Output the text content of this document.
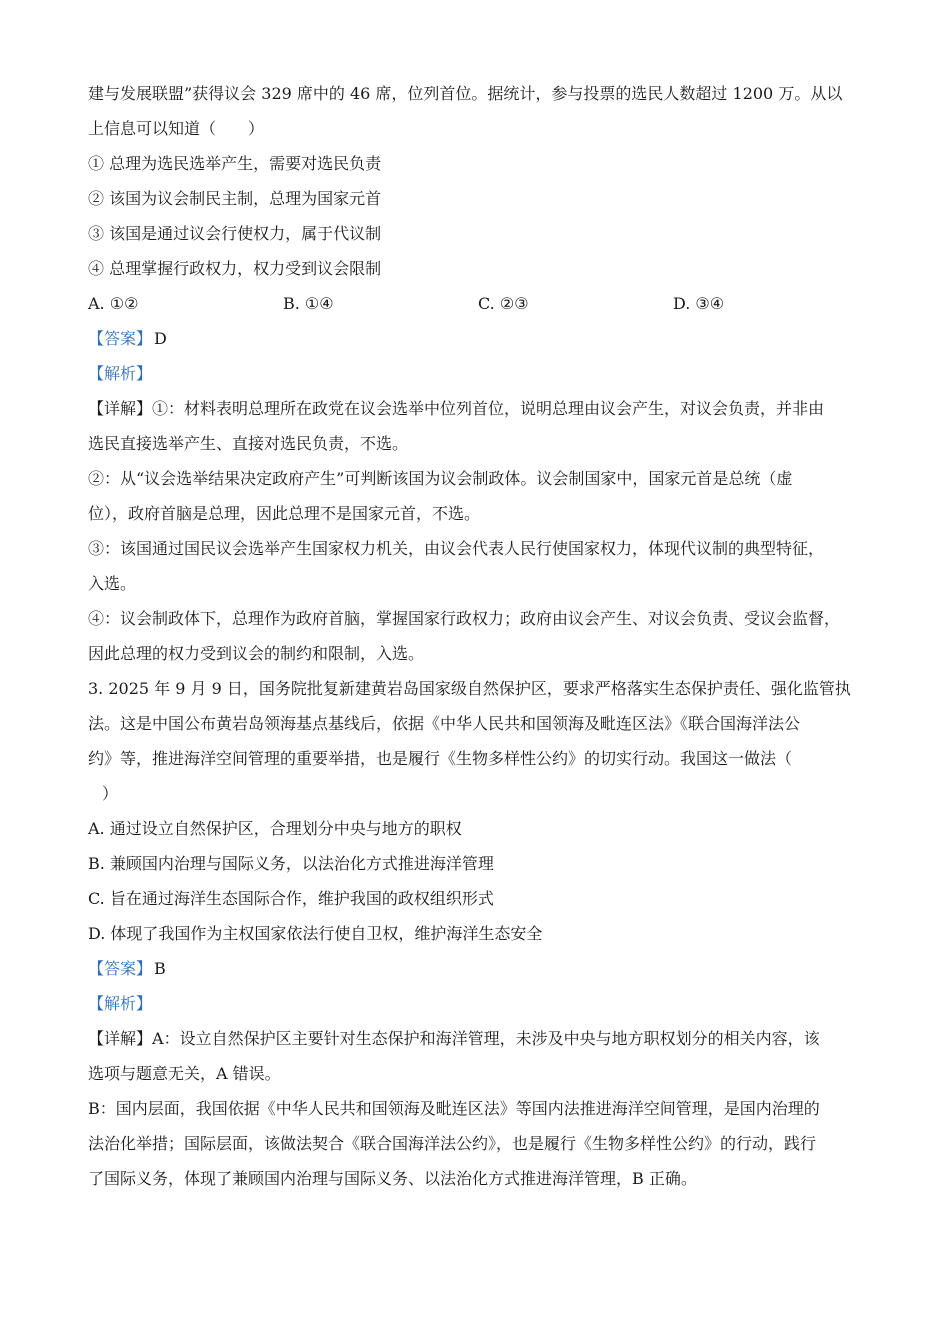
建与发展联盟”获得议会 329 席中的 46 席，位列首位。据统计，参与投票的选民人数超过 1200 万。从以
上信息可以知道（　　）
① 总理为选民选举产生，需要对选民负责
② 该国为议会制民主制，总理为国家元首
③ 该国是通过议会行使权力，属于代议制
④ 总理掌握行政权力，权力受到议会限制
A. ①②	B. ①④	C. ②③	D. ③④
【答案】 D
【解析】
【详解】①：材料表明总理所在政党在议会选举中位列首位，说明总理由议会产生，对议会负责，并非由
选民直接选举产生、直接对选民负责，不选。
②：从“议会选举结果决定政府产生”可判断该国为议会制政体。议会制国家中，国家元首是总统（虚
位），政府首脑是总理，因此总理不是国家元首，不选。
③：该国通过国民议会选举产生国家权力机关，由议会代表人民行使国家权力，体现代议制的典型特征，
入选。
④：议会制政体下，总理作为政府首脑，掌握国家行政权力；政府由议会产生、对议会负责、受议会监督，
因此总理的权力受到议会的制约和限制，入选。
3. 2025 年 9 月 9 日，国务院批复新建黄岩岛国家级自然保护区，要求严格落实生态保护责任、强化监管执
法。这是中国公布黄岩岛领海基点基线后，依据《中华人民共和国领海及毗连区法》《联合国海洋法公
约》等，推进海洋空间管理的重要举措，也是履行《生物多样性公约》的切实行动。我国这一做法（
）
A. 通过设立自然保护区，合理划分中央与地方的职权
B. 兼顾国内治理与国际义务，以法治化方式推进海洋管理
C. 旨在通过海洋生态国际合作，维护我国的政权组织形式
D. 体现了我国作为主权国家依法行使自卫权，维护海洋生态安全
【答案】 B
【解析】
【详解】A：设立自然保护区主要针对生态保护和海洋管理，未涉及中央与地方职权划分的相关内容，该
选项与题意无关，A 错误。
B：国内层面，我国依据《中华人民共和国领海及毗连区法》等国内法推进海洋空间管理，是国内治理的
法治化举措；国际层面，该做法契合《联合国海洋法公约》，也是履行《生物多样性公约》的行动，践行
了国际义务，体现了兼顾国内治理与国际义务、以法治化方式推进海洋管理，B 正确。
